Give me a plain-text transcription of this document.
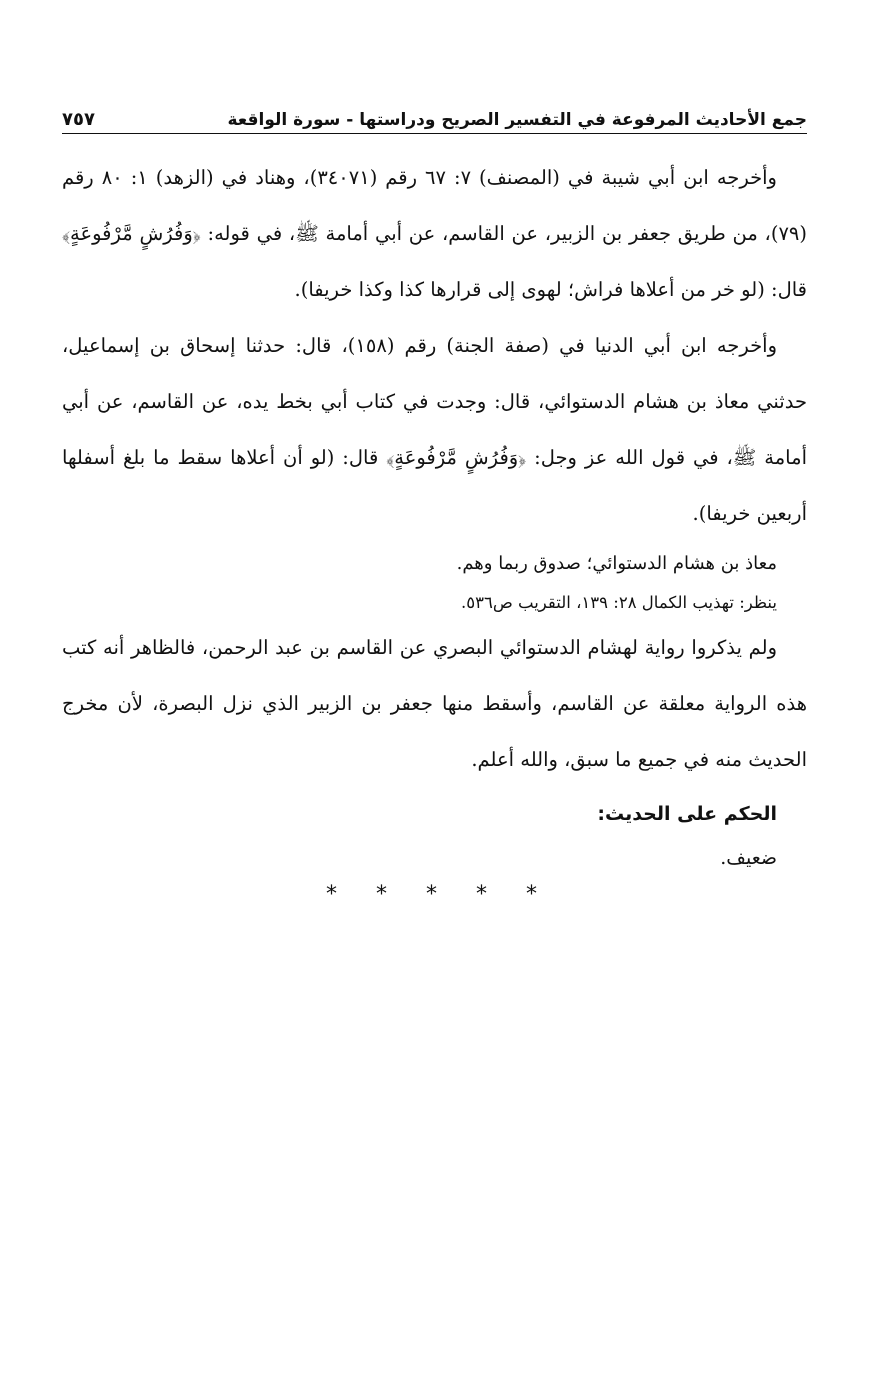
جمع الأحاديث المرفوعة في التفسير الصريح ودراستها - سورة الواقعة
٧٥٧

وأخرجه ابن أبي شيبة في (المصنف) ٧: ٦٧ رقم (٣٤٠٧١)، وهناد في (الزهد) ١: ٨٠ رقم (٧٩)، من طريق جعفر بن الزبير، عن القاسم، عن أبي أمامة ﷺ، في قوله: ﴿وَفُرُشٍ مَّرْفُوعَةٍ﴾ قال: (لو خر من أعلاها فراش؛ لهوى إلى قرارها كذا وكذا خريفا).

وأخرجه ابن أبي الدنيا في (صفة الجنة) رقم (١٥٨)، قال: حدثنا إسحاق بن إسماعيل، حدثني معاذ بن هشام الدستوائي، قال: وجدت في كتاب أبي بخط يده، عن القاسم، عن أبي أمامة ﷺ، في قول الله عز وجل: ﴿وَفُرُشٍ مَّرْفُوعَةٍ﴾ قال: (لو أن أعلاها سقط ما بلغ أسفلها أربعين خريفا).

معاذ بن هشام الدستوائي؛ صدوق ربما وهم.
ينظر: تهذيب الكمال ٢٨: ١٣٩، التقريب ص٥٣٦.

ولم يذكروا رواية لهشام الدستوائي البصري عن القاسم بن عبد الرحمن، فالظاهر أنه كتب هذه الرواية معلقة عن القاسم، وأسقط منها جعفر بن الزبير الذي نزل البصرة، لأن مخرج الحديث منه في جميع ما سبق، والله أعلم.

الحكم على الحديث:
ضعيف.
* * * * *
